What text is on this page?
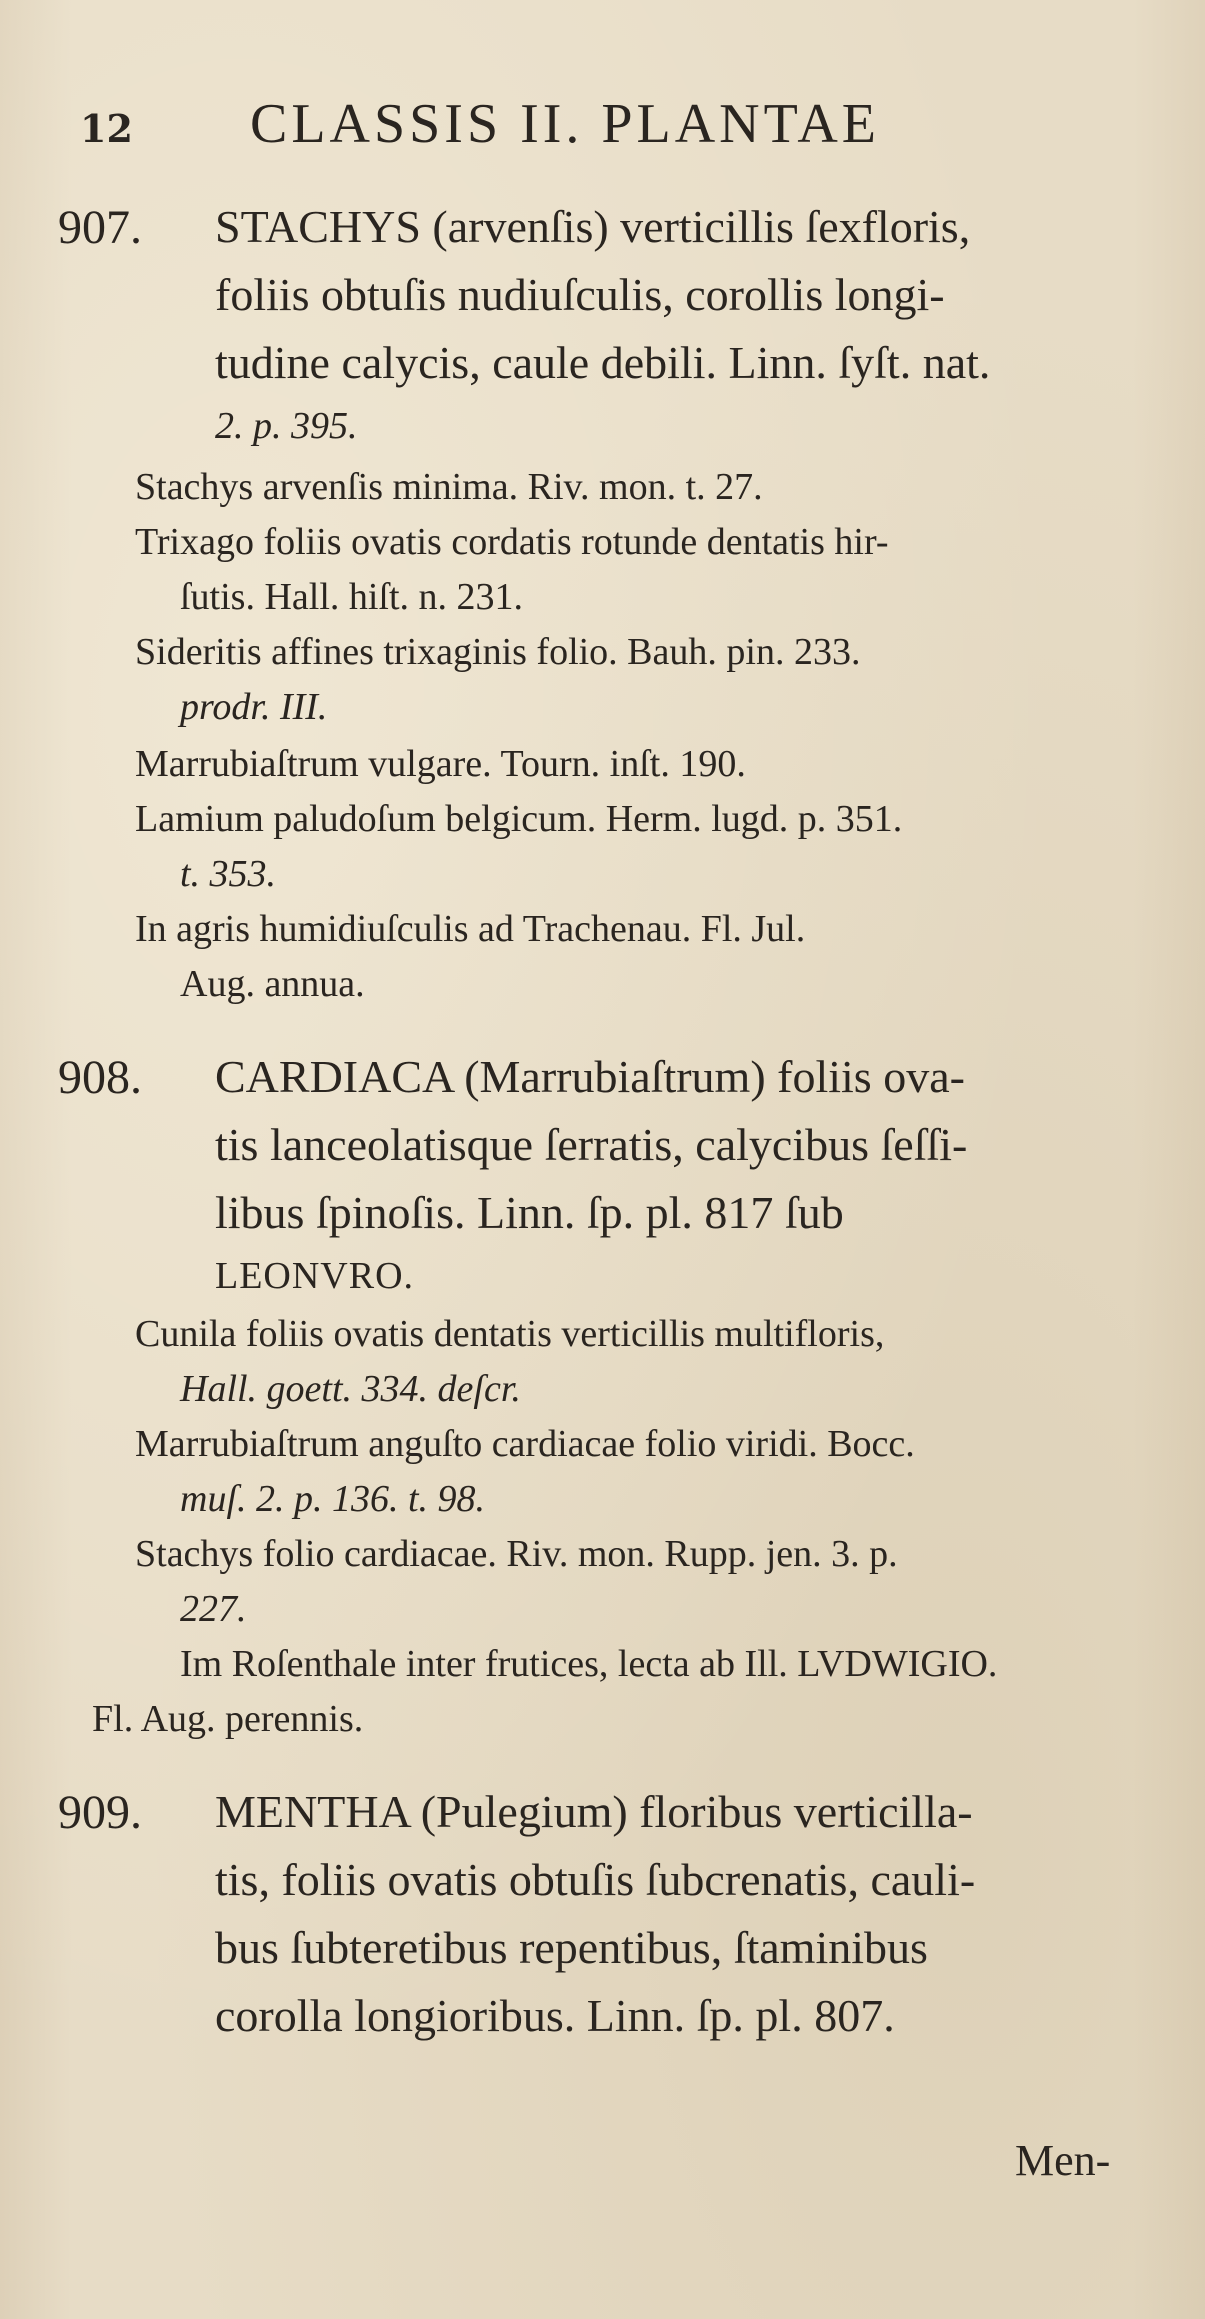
12 CLASSIS II. PLANTAE
907. STACHYS (arvenſis) verticillis ſexfloris,
foliis obtuſis nudiuſculis, corollis longi-
tudine calycis, caule debili. Linn. ſyſt. nat.
2. p. 395.
Stachys arvenſis minima. Riv. mon. t. 27.
Trixago foliis ovatis cordatis rotunde dentatis hir-
ſutis. Hall. hiſt. n. 231.
Sideritis affines trixaginis folio. Bauh. pin. 233.
prodr. III.
Marrubiaſtrum vulgare. Tourn. inſt. 190.
Lamium paludoſum belgicum. Herm. lugd. p. 351.
t. 353.
In agris humidiuſculis ad Trachenau. Fl. Jul.
Aug. annua.
908. CARDIACA (Marrubiaſtrum) foliis ova-
tis lanceolatisque ſerratis, calycibus ſeſſi-
libus ſpinoſis. Linn. ſp. pl. 817 ſub
LEONVRO.
Cunila foliis ovatis dentatis verticillis multifloris,
Hall. goett. 334. deſcr.
Marrubiaſtrum anguſto cardiacae folio viridi. Bocc.
muſ. 2. p. 136. t. 98.
Stachys folio cardiacae. Riv. mon. Rupp. jen. 3. p.
227.
Im Roſenthale inter frutices, lecta ab Ill. LVDWIGIO.
Fl. Aug. perennis.
909. MENTHA (Pulegium) floribus verticilla-
tis, foliis ovatis obtuſis ſubcrenatis, cauli-
bus ſubteretibus repentibus, ſtaminibus
corolla longioribus. Linn. ſp. pl. 807.
Men-
